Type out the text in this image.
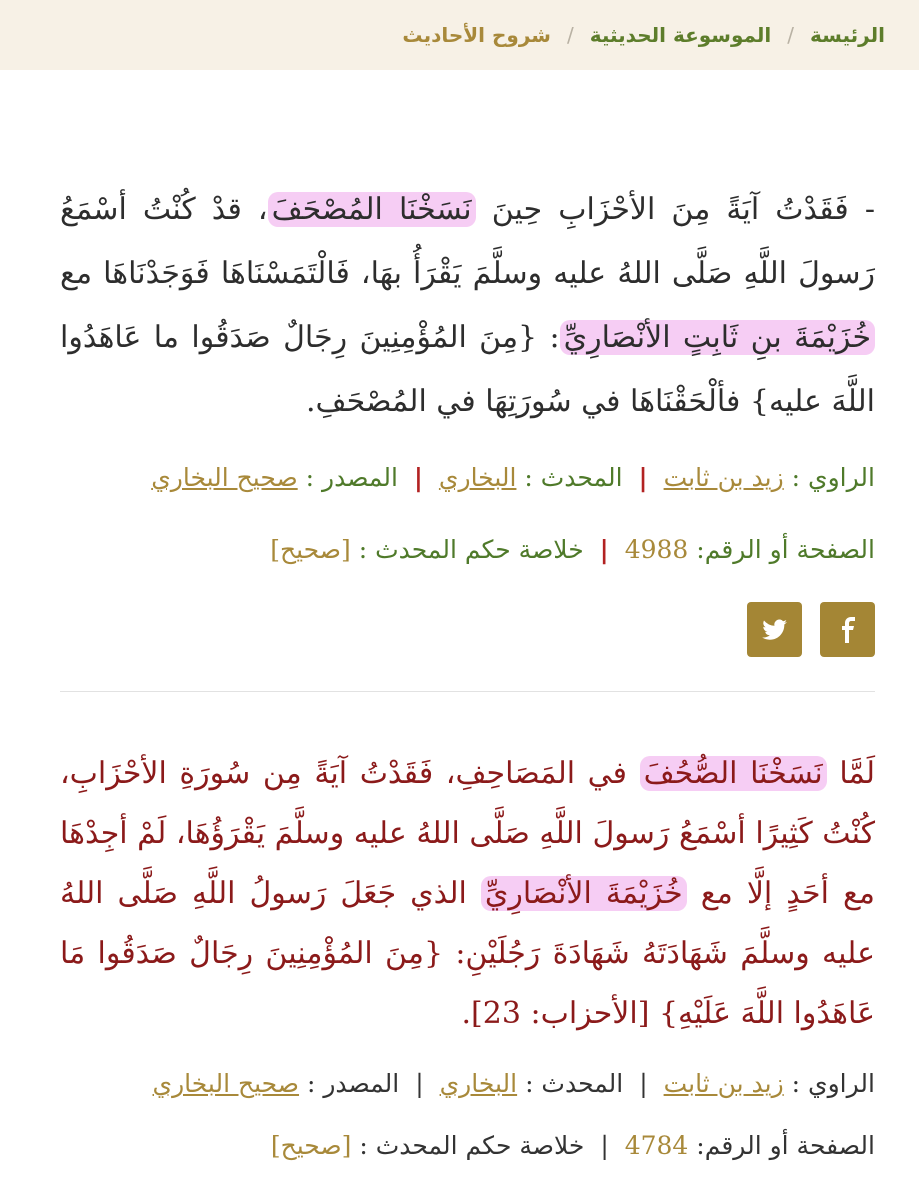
الرئيسة
/
الموسوعة الحديثية
/
شروح الأحاديث
- فَقَدْتُ آيَةً مِنَ الأحْزَابِ حِينَ نَسَخْنَا المُصْحَفَ، قدْ كُنْتُ أسْمَعُ رَسولَ اللَّهِ صَلَّى اللهُ عليه وسلَّمَ يَقْرَأُ بهَا، فَالْتَمَسْنَاهَا فَوَجَدْنَاهَا مع خُزَيْمَةَ بنِ ثَابِتٍ الأنْصَارِيِّ: {مِنَ المُؤْمِنِينَ رِجَالٌ صَدَقُوا ما عَاهَدُوا اللَّهَ عليه} فألْحَقْنَاهَا في سُورَتِهَا في المُصْحَفِ.
الراوي : زيد بن ثابت | المحدث : البخاري | المصدر : صحيح البخاري
الصفحة أو الرقم: 4988 | خلاصة حكم المحدث : [صحيح]
لَمَّا نَسَخْنَا الصُّحُفَ في المَصَاحِفِ، فَقَدْتُ آيَةً مِن سُورَةِ الأحْزَابِ، كُنْتُ كَثِيرًا أسْمَعُ رَسولَ اللَّهِ صَلَّى اللهُ عليه وسلَّمَ يَقْرَؤُهَا، لَمْ أجِدْهَا مع أحَدٍ إلَّا مع خُزَيْمَةَ الأنْصَارِيِّ الذي جَعَلَ رَسولُ اللَّهِ صَلَّى اللهُ عليه وسلَّمَ شَهَادَتَهُ شَهَادَةَ رَجُلَيْنِ: {مِنَ المُؤْمِنِينَ رِجَالٌ صَدَقُوا مَا عَاهَدُوا اللَّهَ عَلَيْهِ} [الأحزاب: 23].
الراوي : زيد بن ثابت | المحدث : البخاري | المصدر : صحيح البخاري
الصفحة أو الرقم: 4784 | خلاصة حكم المحدث : [صحيح]
